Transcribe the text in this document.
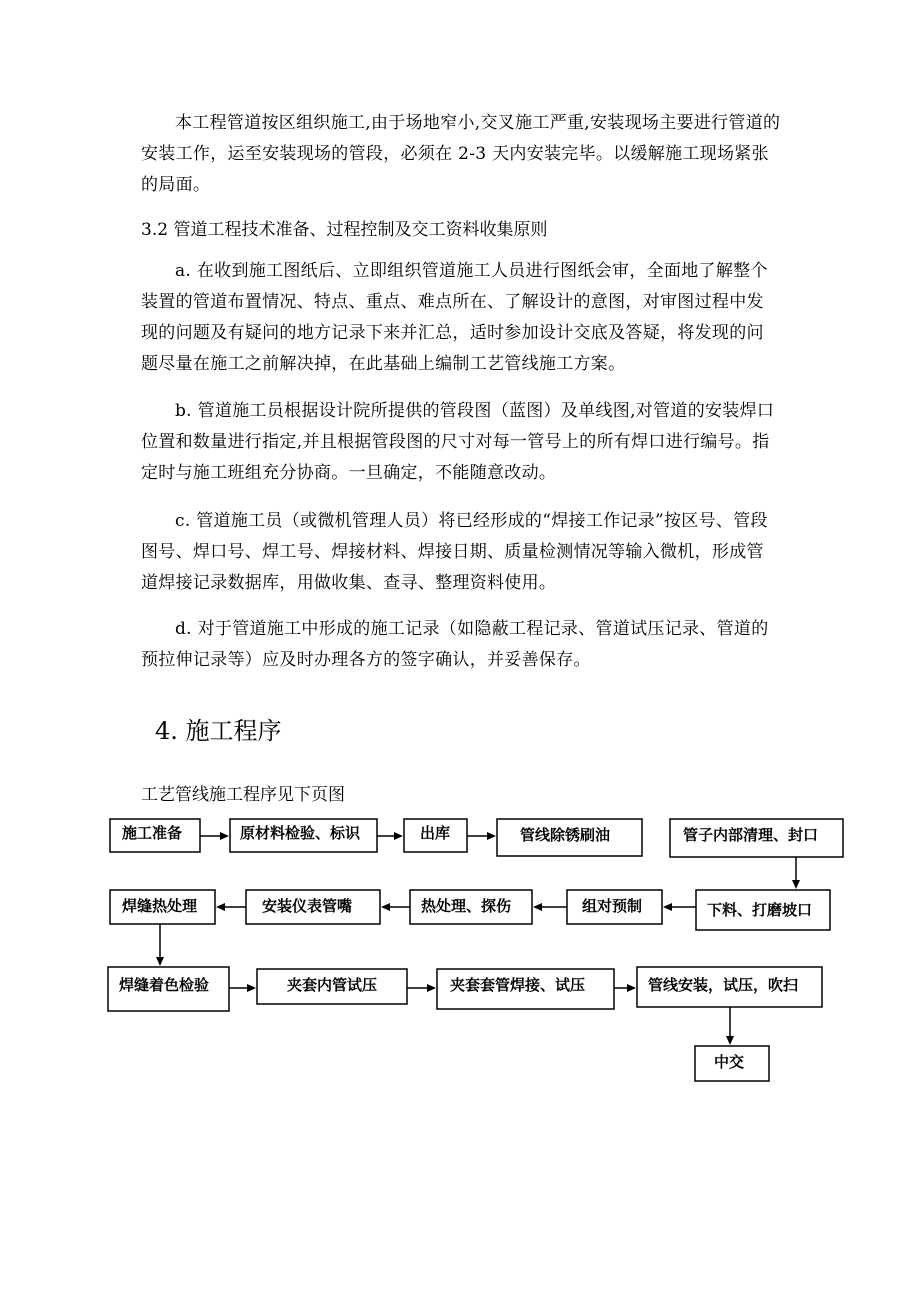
本工程管道按区组织施工,由于场地窄小,交叉施工严重,安装现场主要进行管道的安装工作，运至安装现场的管段，必须在 2-3 天内安装完毕。以缓解施工现场紧张的局面。

3.2 管道工程技术准备、过程控制及交工资料收集原则

a. 在收到施工图纸后、立即组织管道施工人员进行图纸会审，全面地了解整个装置的管道布置情况、特点、重点、难点所在、了解设计的意图，对审图过程中发现的问题及有疑问的地方记录下来并汇总，适时参加设计交底及答疑，将发现的问题尽量在施工之前解决掉，在此基础上编制工艺管线施工方案。

b. 管道施工员根据设计院所提供的管段图（蓝图）及单线图,对管道的安装焊口位置和数量进行指定,并且根据管段图的尺寸对每一管号上的所有焊口进行编号。指定时与施工班组充分协商。一旦确定，不能随意改动。

c. 管道施工员（或微机管理人员）将已经形成的“焊接工作记录”按区号、管段图号、焊口号、焊工号、焊接材料、焊接日期、质量检测情况等输入微机，形成管道焊接记录数据库，用做收集、查寻、整理资料使用。

d. 对于管道施工中形成的施工记录（如隐蔽工程记录、管道试压记录、管道的预拉伸记录等）应及时办理各方的签字确认，并妥善保存。

4. 施工程序

工艺管线施工程序见下页图

施工准备	原材料检验、标识	出库	管线除锈刷油	管子内部清理、封口
焊缝热处理	安装仪表管嘴	热处理、探伤	组对预制	下料、打磨坡口
焊缝着色检验	夹套内管试压	夹套套管焊接、试压	管线安装，试压，吹扫
中交
